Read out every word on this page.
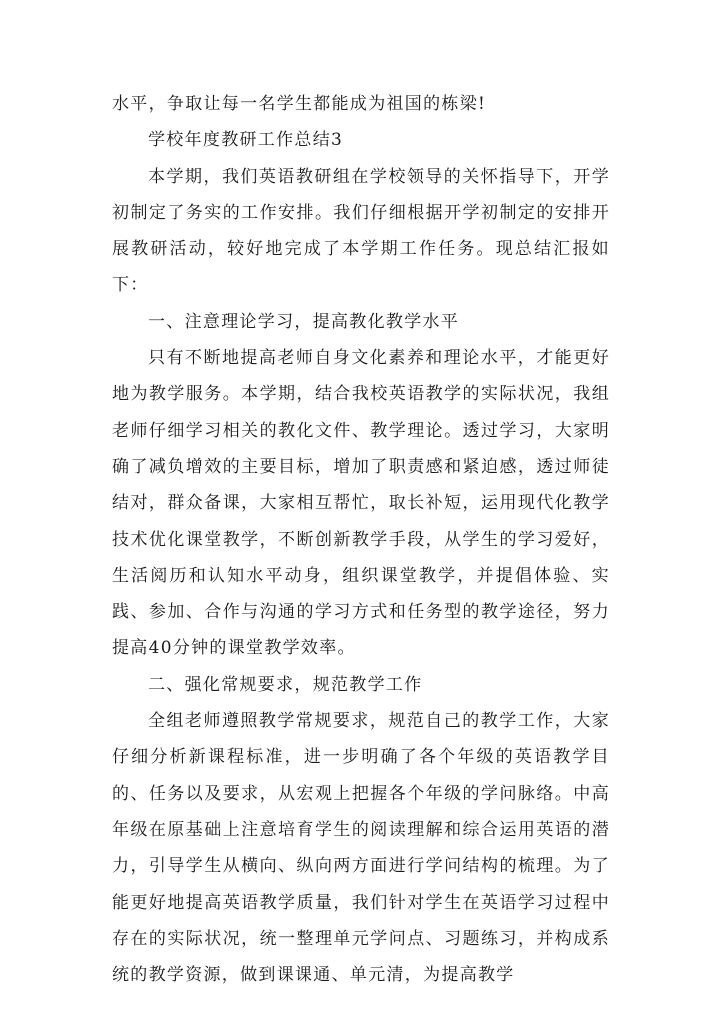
水平，争取让每一名学生都能成为祖国的栋梁!

学校年度教研工作总结3

本学期，我们英语教研组在学校领导的关怀指导下，开学初制定了务实的工作安排。我们仔细根据开学初制定的安排开展教研活动，较好地完成了本学期工作任务。现总结汇报如下：

一、注意理论学习，提高教化教学水平

只有不断地提高老师自身文化素养和理论水平，才能更好地为教学服务。本学期，结合我校英语教学的实际状况，我组老师仔细学习相关的教化文件、教学理论。透过学习，大家明确了减负增效的主要目标，增加了职责感和紧迫感，透过师徒结对，群众备课，大家相互帮忙，取长补短，运用现代化教学技术优化课堂教学，不断创新教学手段，从学生的学习爱好，生活阅历和认知水平动身，组织课堂教学，并提倡体验、实践、参加、合作与沟通的学习方式和任务型的教学途径，努力提高40分钟的课堂教学效率。

二、强化常规要求，规范教学工作

全组老师遵照教学常规要求，规范自己的教学工作，大家仔细分析新课程标准，进一步明确了各个年级的英语教学目的、任务以及要求，从宏观上把握各个年级的学问脉络。中高年级在原基础上注意培育学生的阅读理解和综合运用英语的潜力，引导学生从横向、纵向两方面进行学问结构的梳理。为了能更好地提高英语教学质量，我们针对学生在英语学习过程中存在的实际状况，统一整理单元学问点、习题练习，并构成系统的教学资源，做到课课通、单元清，为提高教学
